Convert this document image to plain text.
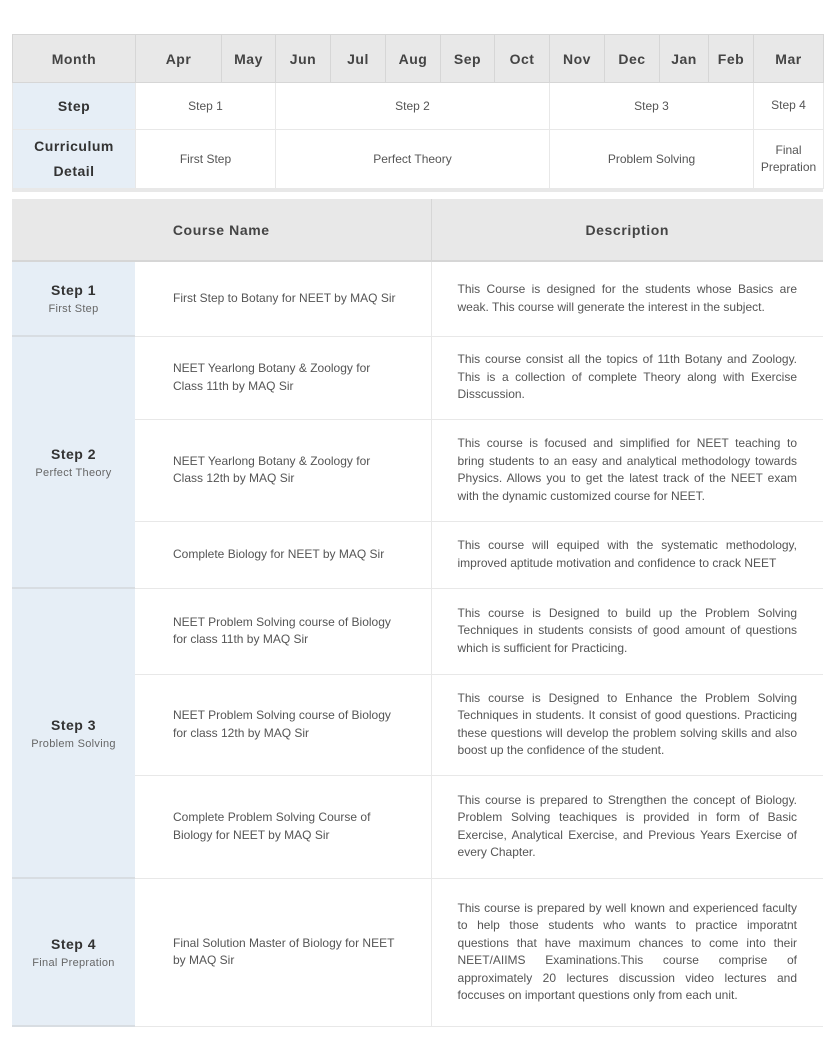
Month	Apr	May	Jun	Jul	Aug	Sep	Oct	Nov	Dec	Jan	Feb	Mar
Step	Step 1		Step 2					Step 3				Step 4
Curriculum Detail	First Step		Perfect Theory					Problem Solving				Final Prepration
Course Name		Description

Step 1
First Step	First Step to Botany for NEET by MAQ Sir	This Course is designed for the students whose Basics are weak. This course will generate the interest in the subject.

Step 2
Perfect Theory	NEET Yearlong Botany & Zoology for Class 11th by MAQ Sir	This course consist all the topics of 11th Botany and Zoology. This is a collection of complete Theory along with Exercise Disscussion.
	NEET Yearlong Botany & Zoology for Class 12th by MAQ Sir	This course is focused and simplified for NEET teaching to bring students to an easy and analytical methodology towards Physics. Allows you to get the latest track of the NEET exam with the dynamic customized course for NEET.
	Complete Biology for NEET by MAQ Sir	This course will equiped with the systematic methodology, improved aptitude motivation and confidence to crack NEET

Step 3
Problem Solving	NEET Problem Solving course of Biology for class 11th by MAQ Sir	This course is Designed to build up the Problem Solving Techniques in students consists of good amount of questions which is sufficient for Practicing.
	NEET Problem Solving course of Biology for class 12th by MAQ Sir	This course is Designed to Enhance the Problem Solving Techniques in students. It consist of good questions. Practicing these questions will develop the problem solving skills and also boost up the confidence of the student.
	Complete Problem Solving Course of Biology for NEET by MAQ Sir	This course is prepared to Strengthen the concept of Biology. Problem Solving teachiques is provided in form of Basic Exercise, Analytical Exercise, and Previous Years Exercise of every Chapter.

Step 4
Final Prepration	Final Solution Master of Biology for NEET by MAQ Sir	This course is prepared by well known and experienced faculty to help those students who wants to practice imporatnt questions that have maximum chances to come into their NEET/AIIMS Examinations.This course comprise of approximately 20 lectures discussion video lectures and foccuses on important questions only from each unit.
